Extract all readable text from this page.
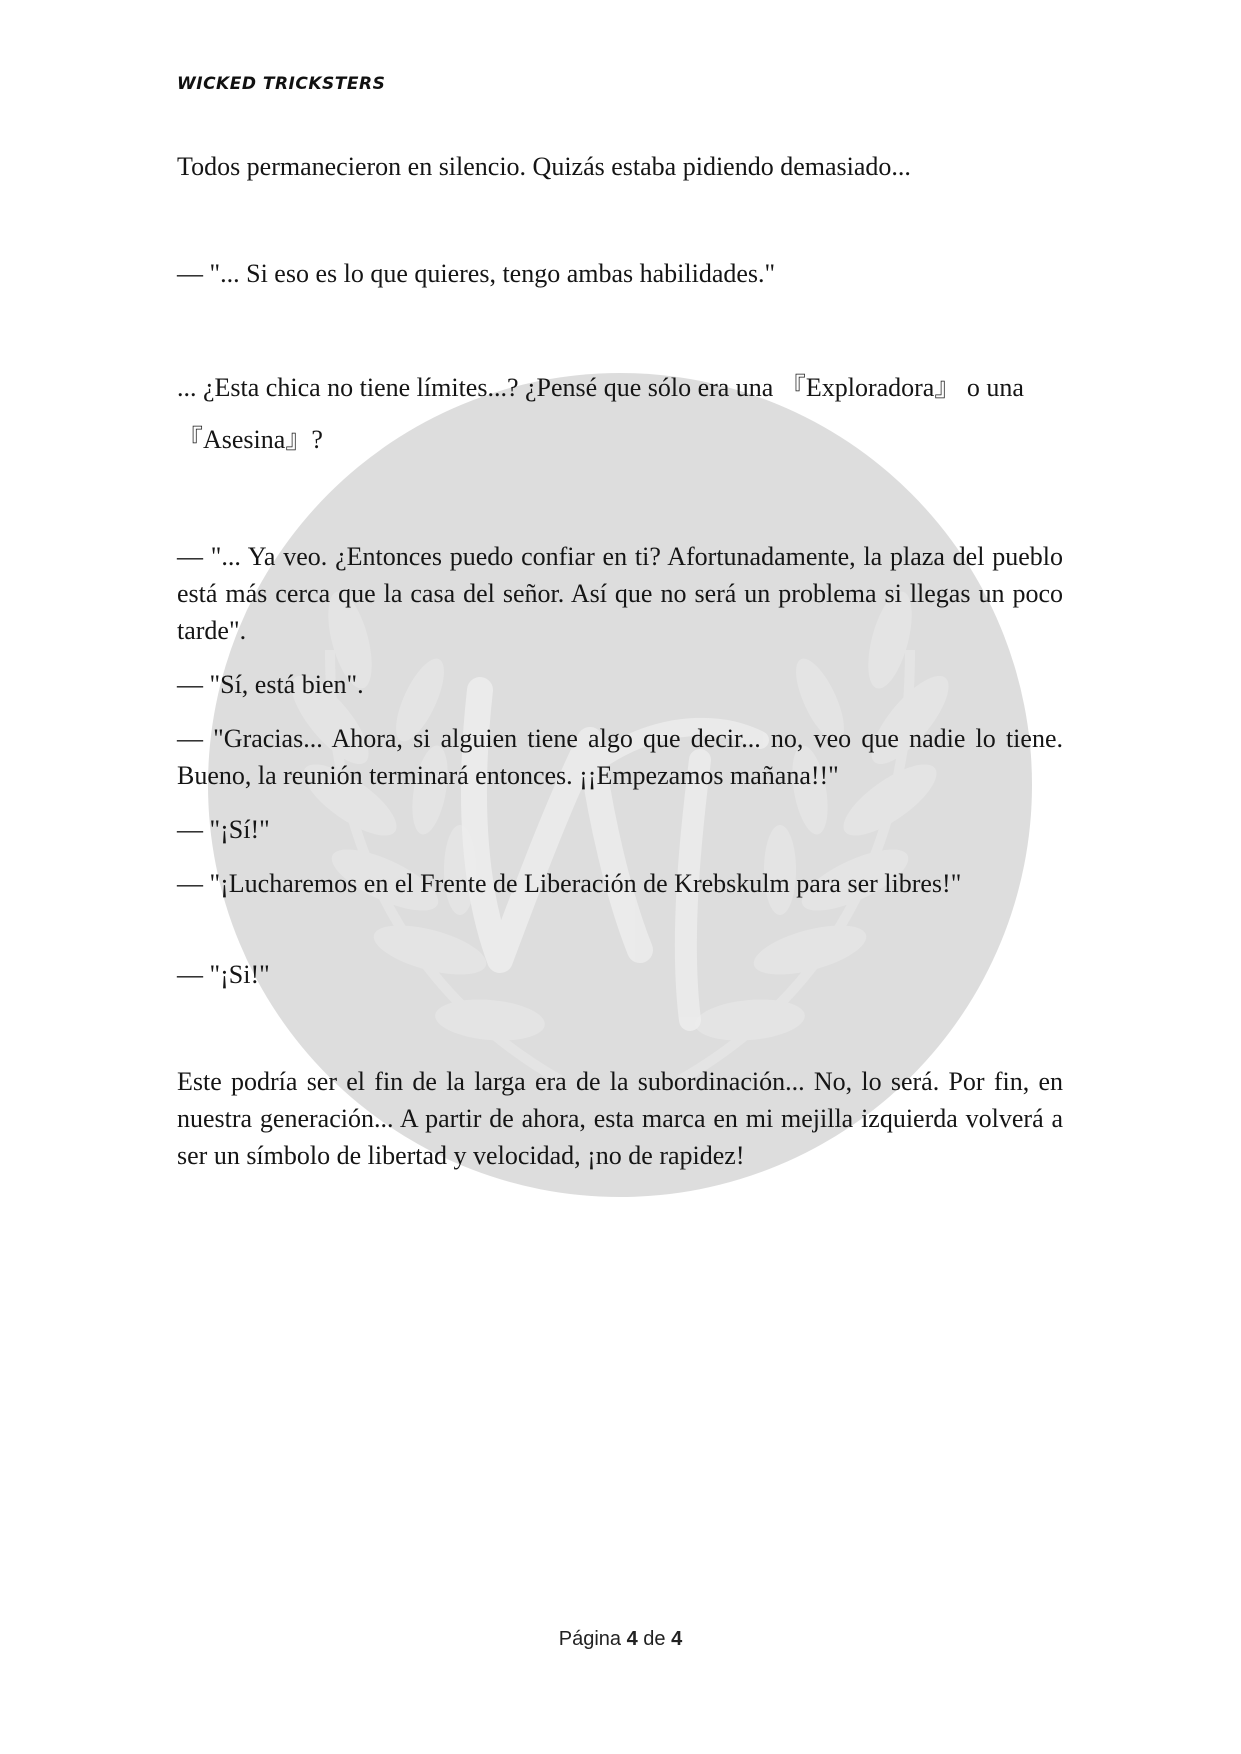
WICKED TRICKSTERS

Todos permanecieron en silencio. Quizás estaba pidiendo demasiado...

— "... Si eso es lo que quieres, tengo ambas habilidades."

... ¿Esta chica no tiene límites...? ¿Pensé que sólo era una 『Exploradora』 o una 『Asesina』?

— "... Ya veo. ¿Entonces puedo confiar en ti? Afortunadamente, la plaza del pueblo está más cerca que la casa del señor. Así que no será un problema si llegas un poco tarde".

— "Sí, está bien".

— "Gracias... Ahora, si alguien tiene algo que decir... no, veo que nadie lo tiene. Bueno, la reunión terminará entonces. ¡¡Empezamos mañana!!"

— "¡Sí!"

— "¡Lucharemos en el Frente de Liberación de Krebskulm para ser libres!"

— "¡Si!"

Este podría ser el fin de la larga era de la subordinación... No, lo será. Por fin, en nuestra generación... A partir de ahora, esta marca en mi mejilla izquierda volverá a ser un símbolo de libertad y velocidad, ¡no de rapidez!

Página 4 de 4
